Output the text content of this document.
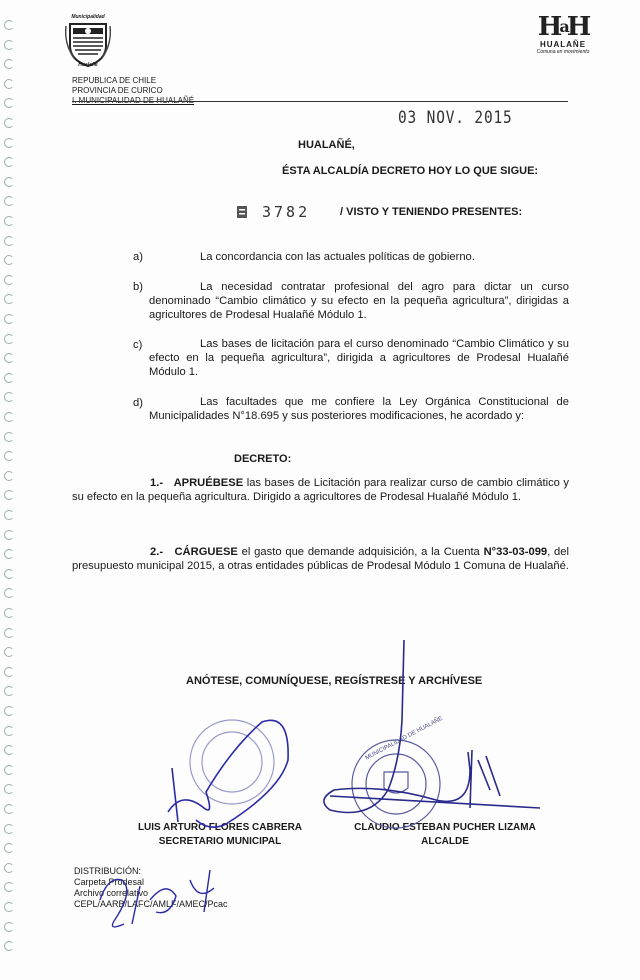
Municipalidad
Hualañé
$H^aH$
HUALAÑE
Comuna en movimiento
REPUBLICA DE CHILE
PROVINCIA DE CURICO
I. MUNICIPALIDAD DE HUALAÑÉ
03 NOV. 2015
HUALAÑÉ,
ÉSTA ALCALDÍA DECRETO HOY LO QUE SIGUE:
3782	/ VISTO Y TENIENDO PRESENTES:
a)	La concordancia con las actuales políticas de gobierno.
b)	La necesidad contratar profesional del agro para dictar un curso denominado “Cambio climático y su efecto en la pequeña agricultura”, dirigidas a agricultores de Prodesal Hualañé Módulo 1.
c)	Las bases de licitación para el curso denominado “Cambio Climático y su efecto en la pequeña agricultura”, dirigida a agricultores de Prodesal Hualañé Módulo 1.
d)	Las facultades que me confiere la Ley Orgánica Constitucional de Municipalidades N°18.695 y sus posteriores modificaciones, he acordado y:
DECRETO:
1.- APRUÉBESE las bases de Licitación para realizar curso de cambio climático y su efecto en la pequeña agricultura. Dirigido a agricultores de Prodesal Hualañé Módulo 1.
2.- CÁRGUESE el gasto que demande adquisición, a la Cuenta N°33-03-099, del presupuesto municipal 2015, a otras entidades públicas de Prodesal Módulo 1 Comuna de Hualañé.
ANÓTESE, COMUNÍQUESE, REGÍSTRESE Y ARCHÍVESE
LUIS ARTURO FLORES CABRERA
SECRETARIO MUNICIPAL
CLAUDIO ESTEBAN PUCHER LIZAMA
ALCALDE
DISTRIBUCIÓN:
Carpeta Prodesal
Archivo correlativo
CEPL/AARB/LAFC/AMLF/AMEC/Pcac
MUNICIPALIDAD DE HUALAÑE
